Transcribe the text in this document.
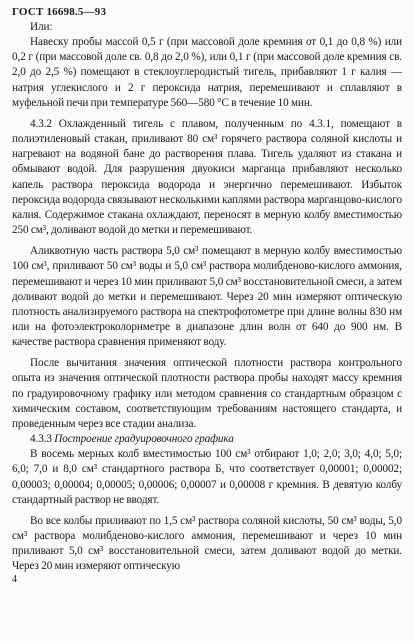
ГОСТ 16698.5—93

Или:

Навеску пробы массой 0,5 г (при массовой доле кремния от 0,1 до 0,8 %) или 0,2 г (при массовой доле св. 0,8 до 2,0 %), или 0,1 г (при массовой доле кремния св. 2,0 до 2,5 %) помещают в стеклоуглеродистый тигель, прибавляют 1 г калия — натрия углекислого и 2 г пероксида натрия, перемешивают и сплавляют в муфельной печи при температуре 560—580 °С в течение 10 мин.

4.3.2 Охлажденный тигель с плавом, полученным по 4.3.1, помещают в полиэтиленовый стакан, приливают 80 см³ горячего раствора соляной кислоты и нагревают на водяной бане до растворения плава. Тигель удаляют из стакана и обмывают водой. Для разрушения двуокиси марганца прибавляют несколько капель раствора пероксида водорода и энергично перемешивают. Избыток пероксида водорода связывают несколькими каплями раствора марганцово-кислого калия. Содержимое стакана охлаждают, переносят в мерную колбу вместимостью 250 см³, доливают водой до метки и перемешивают.

Аликвотную часть раствора 5,0 см³ помещают в мерную колбу вместимостью 100 см³, приливают 50 см³ воды и 5,0 см³ раствора молибденово-кислого аммония, перемешивают и через 10 мин приливают 5,0 см³ восстановительной смеси, а затем доливают водой до метки и перемешивают. Через 20 мин измеряют оптическую плотность анализируемого раствора на спектрофотометре при длине волны 830 нм или на фотоэлектроколориметре в диапазоне длин волн от 640 до 900 нм. В качестве раствора сравнения применяют воду.

После вычитания значения оптической плотности раствора контрольного опыта из значения оптической плотности раствора пробы находят массу кремния по градуировочному графику или методом сравнения со стандартным образцом с химическим составом, соответствующим требованиям настоящего стандарта, и проведенным через все стадии анализа.

4.3.3 Построение градуировочного графика

В восемь мерных колб вместимостью 100 см³ отбирают 1,0; 2,0; 3,0; 4,0; 5,0; 6,0; 7,0 и 8,0 см³ стандартного раствора Б, что соответствует 0,00001; 0,00002; 0,00003; 0,00004; 0,00005; 0,00006; 0,00007 и 0,00008 г кремния. В девятую колбу стандартный раствор не вводят.

Во все колбы приливают по 1,5 см³ раствора соляной кислоты, 50 см³ воды, 5,0 см³ раствора молибденово-кислого аммония, перемешивают и через 10 мин приливают 5,0 см³ восстановительной смеси, затем доливают водой до метки. Через 20 мин измеряют оптическую

4
